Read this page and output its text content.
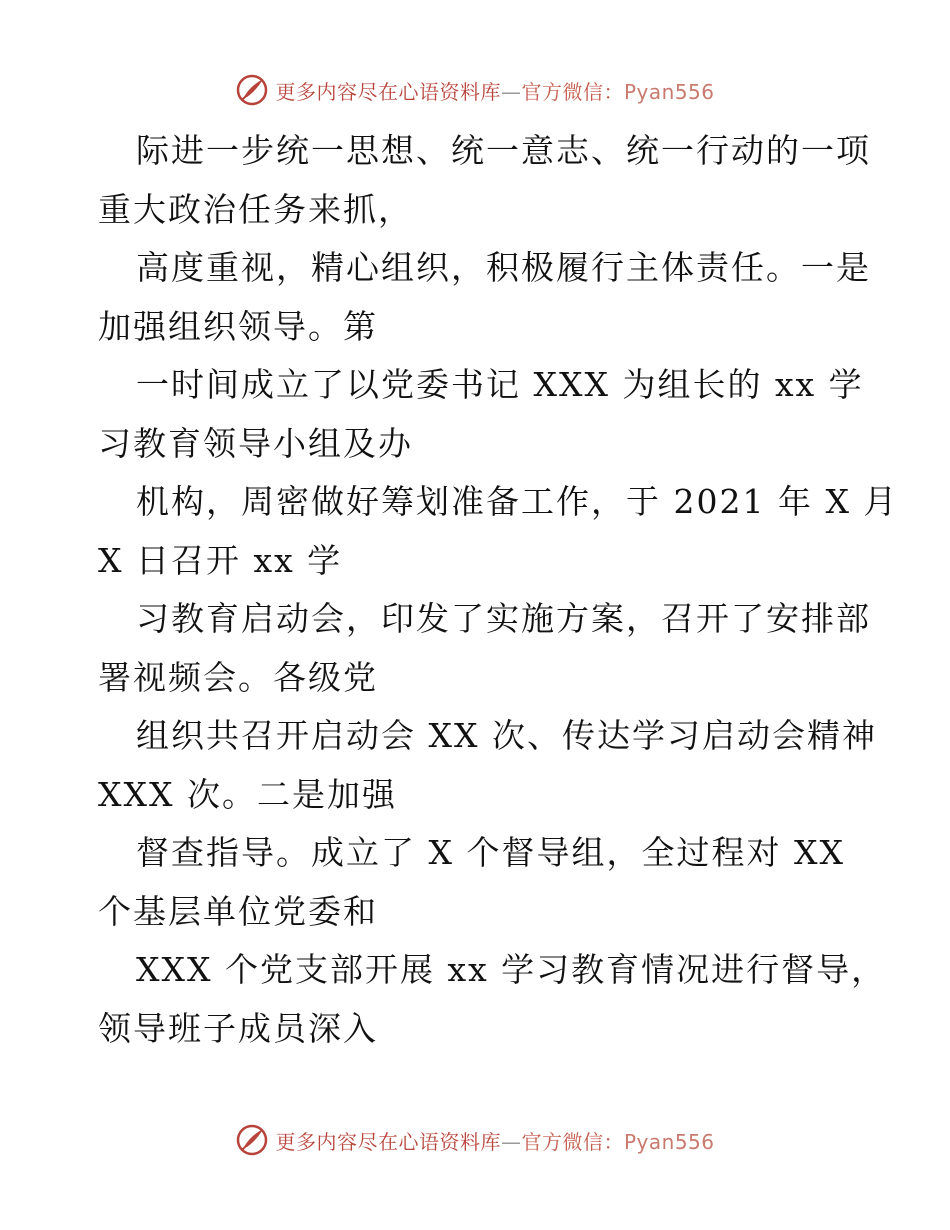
更多内容尽在心语资料库—官方微信：Pyan556
际进一步统一思想、统一意志、统一行动的一项
重大政治任务来抓，
高度重视，精心组织，积极履行主体责任。一是
加强组织领导。第
一时间成立了以党委书记 XXX 为组长的 xx 学
习教育领导小组及办
机构，周密做好筹划准备工作，于 2021 年 X 月
X 日召开 xx 学
习教育启动会，印发了实施方案，召开了安排部
署视频会。各级党
组织共召开启动会 XX 次、传达学习启动会精神
XXX 次。二是加强
督查指导。成立了 X 个督导组，全过程对 XX
个基层单位党委和
XXX 个党支部开展 xx 学习教育情况进行督导，
领导班子成员深入
更多内容尽在心语资料库—官方微信：Pyan556
